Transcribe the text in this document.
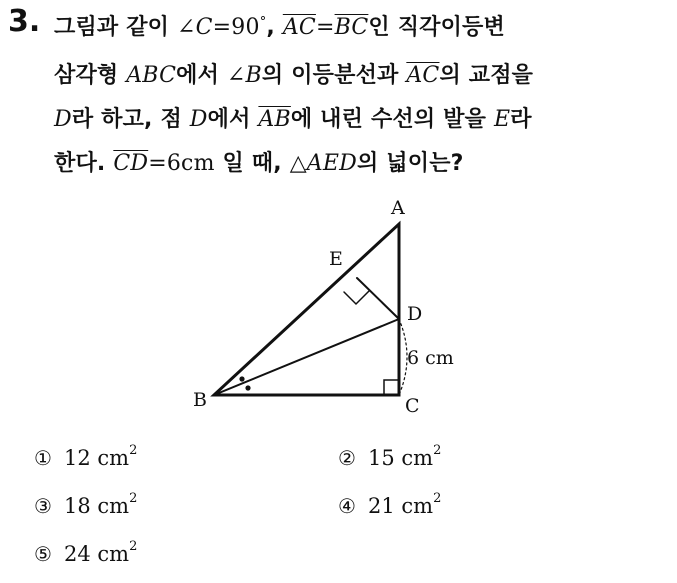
3. 그림과 같이 ∠C=90°, $\overline{AC}=\overline{BC}$인 직각이등변
삼각형 ABC에서 ∠B의 이등분선과 $\overline{AC}$의 교점을
D라 하고, 점 D에서 $\overline{AB}$에 내린 수선의 발을 E라
한다. $\overline{CD}=6cm$ 일 때, △AED의 넓이는?
A
B	C
D
E
6 cm
① 12 $cm^2$	② 15 $cm^2$
③ 18 $cm^2$	④ 21 $cm^2$
⑤ 24 $cm^2$
